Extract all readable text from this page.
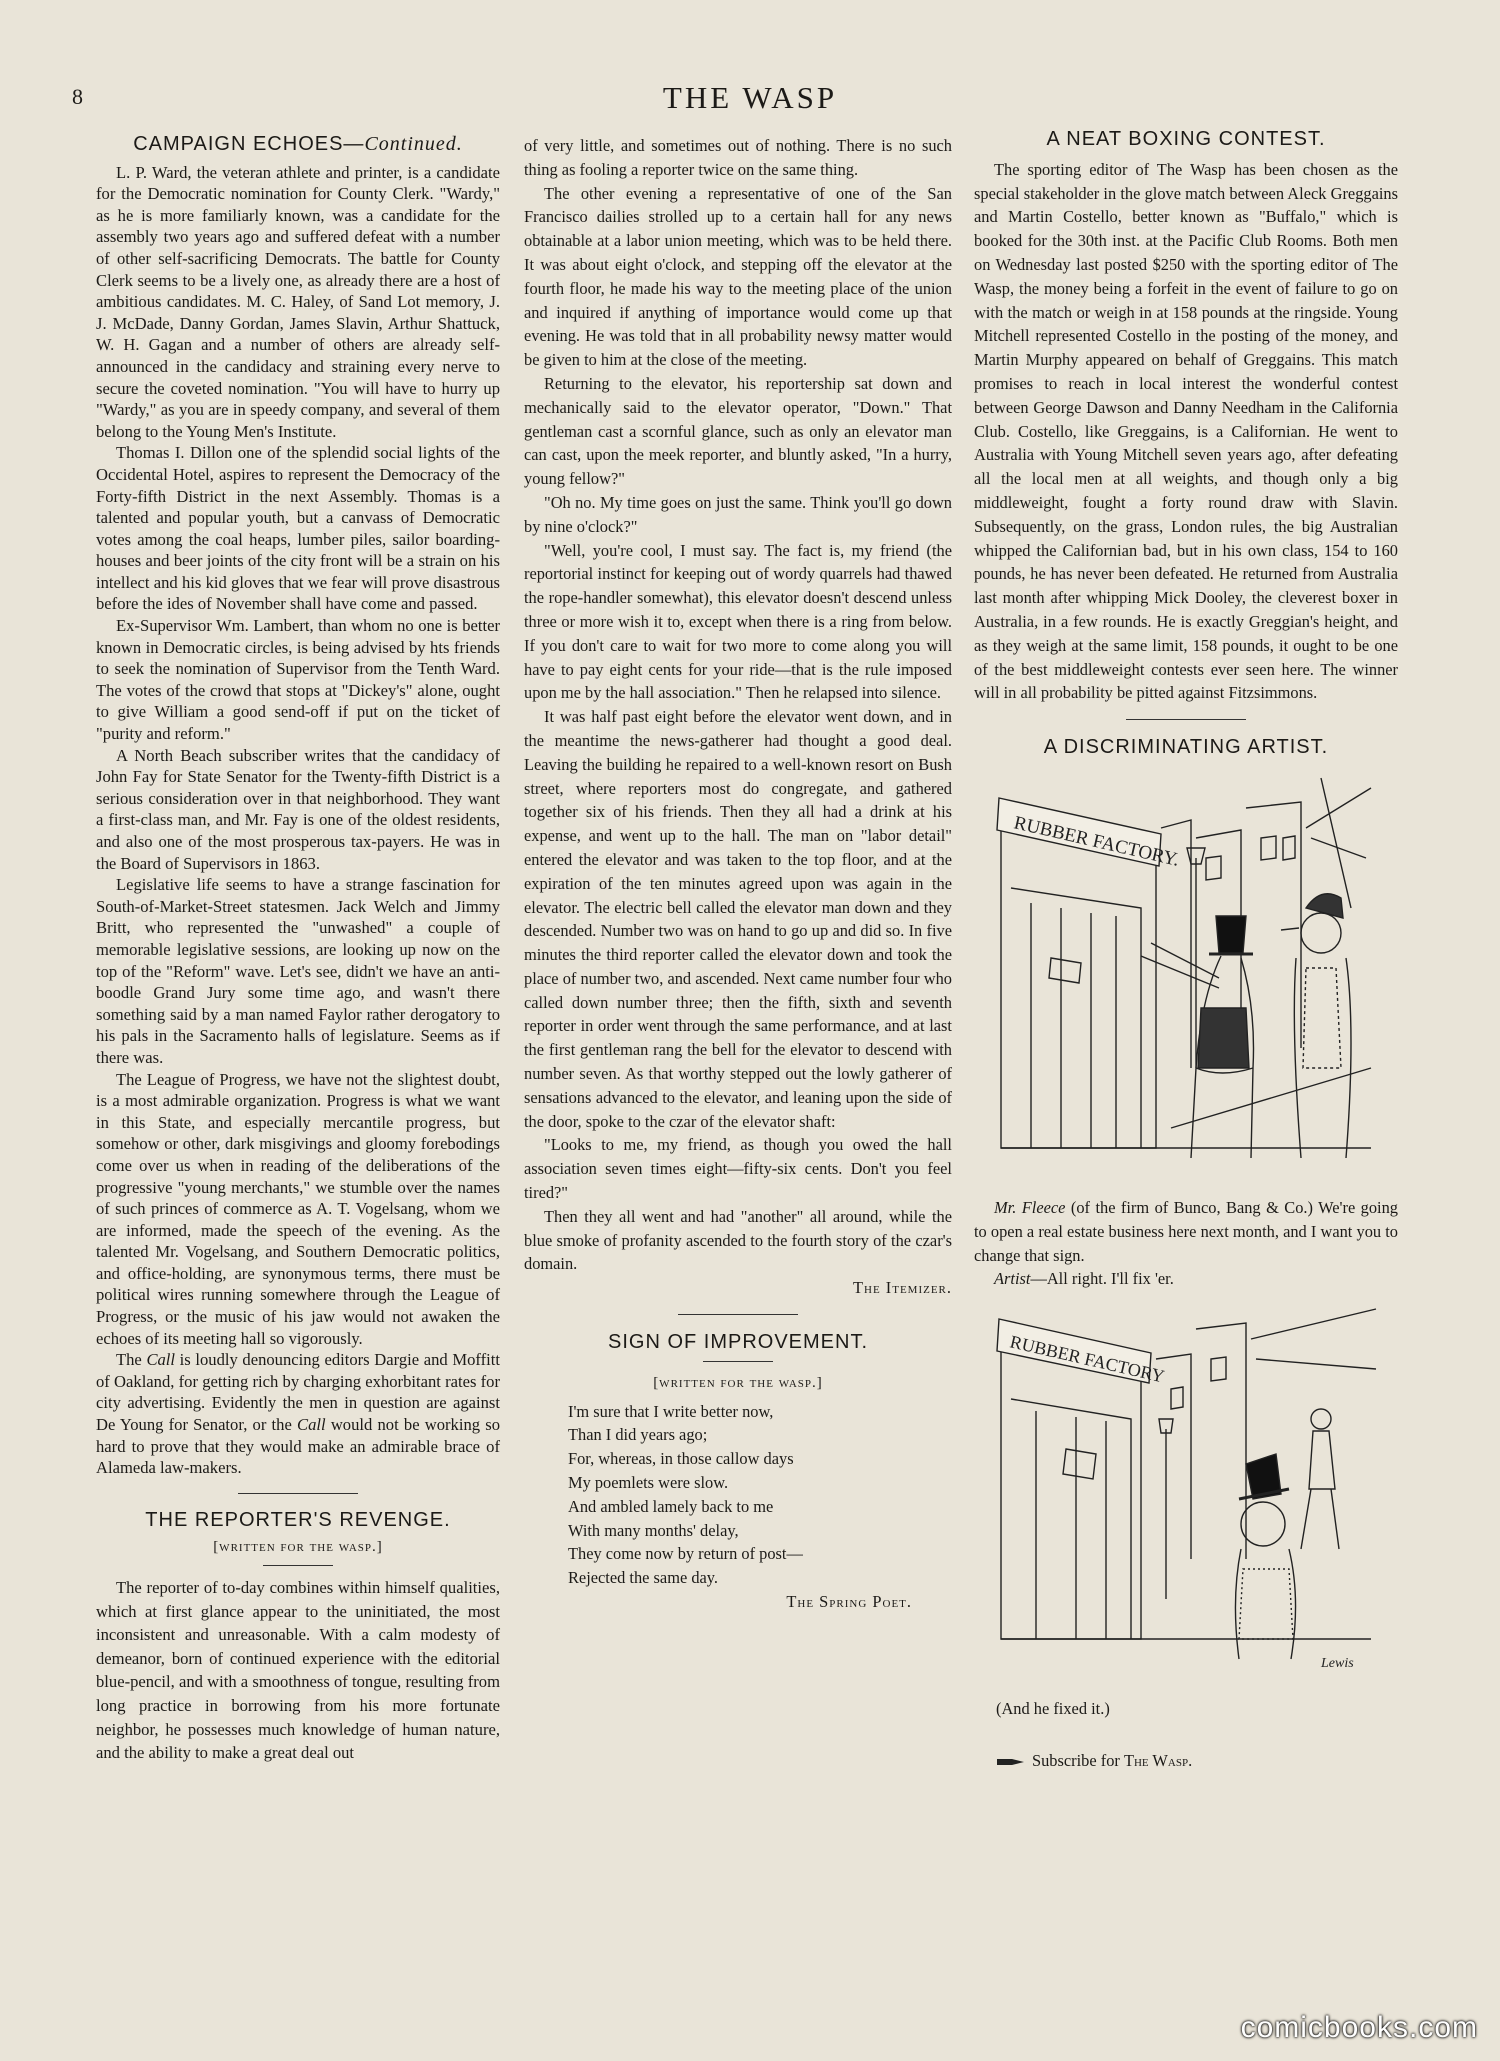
8	THE WASP
CAMPAIGN ECHOES—Continued.

L. P. Ward, the veteran athlete and printer, is a candidate for the Democratic nomination for County Clerk. "Wardy," as he is more familiarly known, was a candidate for the assembly two years ago and suffered defeat with a number of other self-sacrificing Democrats. The battle for County Clerk seems to be a lively one, as already there are a host of ambitious candidates. M. C. Haley, of Sand Lot memory, J. J. McDade, Danny Gordan, James Slavin, Arthur Shattuck, W. H. Gagan and a number of others are already self-announced in the candidacy and straining every nerve to secure the coveted nomination. "You will have to hurry up "Wardy," as you are in speedy company, and several of them belong to the Young Men's Institute.

Thomas I. Dillon one of the splendid social lights of the Occidental Hotel, aspires to represent the Democracy of the Forty-fifth District in the next Assembly. Thomas is a talented and popular youth, but a canvass of Democratic votes among the coal heaps, lumber piles, sailor boarding-houses and beer joints of the city front will be a strain on his intellect and his kid gloves that we fear will prove disastrous before the ides of November shall have come and passed.

Ex-Supervisor Wm. Lambert, than whom no one is better known in Democratic circles, is being advised by hts friends to seek the nomination of Supervisor from the Tenth Ward. The votes of the crowd that stops at "Dickey's" alone, ought to give William a good send-off if put on the ticket of "purity and reform."

A North Beach subscriber writes that the candidacy of John Fay for State Senator for the Twenty-fifth District is a serious consideration over in that neighborhood. They want a first-class man, and Mr. Fay is one of the oldest residents, and also one of the most prosperous tax-payers. He was in the Board of Supervisors in 1863.

Legislative life seems to have a strange fascination for South-of-Market-Street statesmen. Jack Welch and Jimmy Britt, who represented the "unwashed" a couple of memorable legislative sessions, are looking up now on the top of the "Reform" wave. Let's see, didn't we have an anti-boodle Grand Jury some time ago, and wasn't there something said by a man named Faylor rather derogatory to his pals in the Sacramento halls of legislature. Seems as if there was.

The League of Progress, we have not the slightest doubt, is a most admirable organization. Progress is what we want in this State, and especially mercantile progress, but somehow or other, dark misgivings and gloomy forebodings come over us when in reading of the deliberations of the progressive "young merchants," we stumble over the names of such princes of commerce as A. T. Vogelsang, whom we are informed, made the speech of the evening. As the talented Mr. Vogelsang, and Southern Democratic politics, and office-holding, are synonymous terms, there must be political wires running somewhere through the League of Progress, or the music of his jaw would not awaken the echoes of its meeting hall so vigorously.

The Call is loudly denouncing editors Dargie and Moffitt of Oakland, for getting rich by charging exhorbitant rates for city advertising. Evidently the men in question are against De Young for Senator, or the Call would not be working so hard to prove that they would make an admirable brace of Alameda law-makers.

THE REPORTER'S REVENGE.

[written for the wasp.]

The reporter of to-day combines within himself qualities, which at first glance appear to the uninitiated, the most inconsistent and unreasonable. With a calm modesty of demeanor, born of continued experience with the editorial blue-pencil, and with a smoothness of tongue, resulting from long practice in borrowing from his more fortunate neighbor, he possesses much knowledge of human nature, and the ability to make a great deal out

of very little, and sometimes out of nothing. There is no such thing as fooling a reporter twice on the same thing.

The other evening a representative of one of the San Francisco dailies strolled up to a certain hall for any news obtainable at a labor union meeting, which was to be held there. It was about eight o'clock, and stepping off the elevator at the fourth floor, he made his way to the meeting place of the union and inquired if anything of importance would come up that evening. He was told that in all probability newsy matter would be given to him at the close of the meeting.

Returning to the elevator, his reportership sat down and mechanically said to the elevator operator, "Down." That gentleman cast a scornful glance, such as only an elevator man can cast, upon the meek reporter, and bluntly asked, "In a hurry, young fellow?"

"Oh no. My time goes on just the same. Think you'll go down by nine o'clock?"

"Well, you're cool, I must say. The fact is, my friend (the reportorial instinct for keeping out of wordy quarrels had thawed the rope-handler somewhat), this elevator doesn't descend unless three or more wish it to, except when there is a ring from below. If you don't care to wait for two more to come along you will have to pay eight cents for your ride—that is the rule imposed upon me by the hall association." Then he relapsed into silence.

It was half past eight before the elevator went down, and in the meantime the news-gatherer had thought a good deal. Leaving the building he repaired to a well-known resort on Bush street, where reporters most do congregate, and gathered together six of his friends. Then they all had a drink at his expense, and went up to the hall. The man on "labor detail" entered the elevator and was taken to the top floor, and at the expiration of the ten minutes agreed upon was again in the elevator. The electric bell called the elevator man down and they descended. Number two was on hand to go up and did so. In five minutes the third reporter called the elevator down and took the place of number two, and ascended. Next came number four who called down number three; then the fifth, sixth and seventh reporter in order went through the same performance, and at last the first gentleman rang the bell for the elevator to descend with number seven. As that worthy stepped out the lowly gatherer of sensations advanced to the elevator, and leaning upon the side of the door, spoke to the czar of the elevator shaft:

"Looks to me, my friend, as though you owed the hall association seven times eight—fifty-six cents. Don't you feel tired?"

Then they all went and had "another" all around, while the blue smoke of profanity ascended to the fourth story of the czar's domain.

The Itemizer.

SIGN OF IMPROVEMENT.

[written for the wasp.]

I'm sure that I write better now,
Than I did years ago;
For, whereas, in those callow days
My poemlets were slow.
And ambled lamely back to me
With many months' delay,
They come now by return of post—
Rejected the same day.

The Spring Poet.

A NEAT BOXING CONTEST.

The sporting editor of The Wasp has been chosen as the special stakeholder in the glove match between Aleck Greggains and Martin Costello, better known as "Buffalo," which is booked for the 30th inst. at the Pacific Club Rooms. Both men on Wednesday last posted $250 with the sporting editor of The Wasp, the money being a forfeit in the event of failure to go on with the match or weigh in at 158 pounds at the ringside. Young Mitchell represented Costello in the posting of the money, and Martin Murphy appeared on behalf of Greggains. This match promises to reach in local interest the wonderful contest between George Dawson and Danny Needham in the California Club. Costello, like Greggains, is a Californian. He went to Australia with Young Mitchell seven years ago, after defeating all the local men at all weights, and though only a big middleweight, fought a forty round draw with Slavin. Subsequently, on the grass, London rules, the big Australian whipped the Californian bad, but in his own class, 154 to 160 pounds, he has never been defeated. He returned from Australia last month after whipping Mick Dooley, the cleverest boxer in Australia, in a few rounds. He is exactly Greggian's height, and as they weigh at the same limit, 158 pounds, it ought to be one of the best middleweight contests ever seen here. The winner will in all probability be pitted against Fitzsimmons.

A DISCRIMINATING ARTIST.
RUBBER FACTORY.

Mr. Fleece (of the firm of Bunco, Bang & Co.) We're going to open a real estate business here next month, and I want you to change that sign.

Artist—All right. I'll fix 'er.

RUBBER FACTORY
Lewis

(And he fixed it.)

Subscribe for The Wasp.

comicbooks.com
